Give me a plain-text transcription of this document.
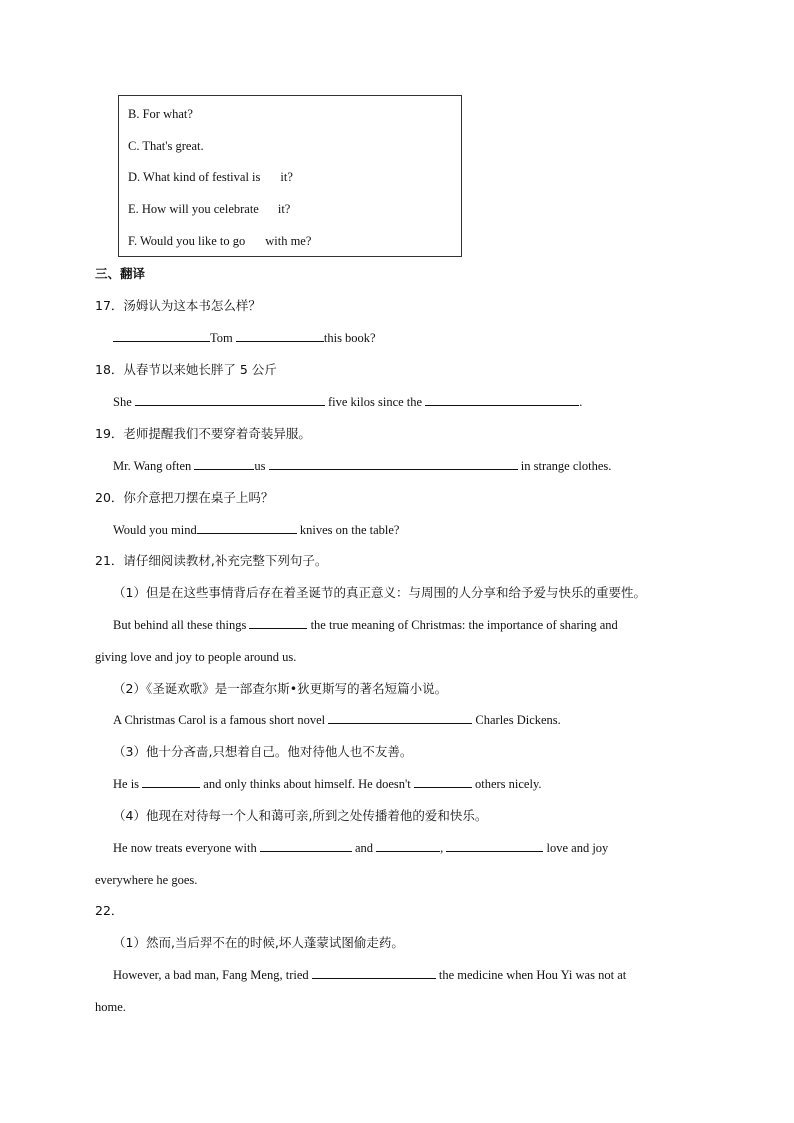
B. For what?
C. That's great.
D. What kind of festival is it?
E. How will you celebrate it?
F. Would you like to go with me?
三、翻译
17．汤姆认为这本书怎么样？
Tom	this book?
18．从春节以来她长胖了 5 公斤
She	five kilos since the	.
19．老师提醒我们不要穿着奇装异服。
Mr. Wang often	us	in strange clothes.
20．你介意把刀摆在桌子上吗？
Would you mind	knives on the table?
21．请仔细阅读教材,补充完整下列句子。
（1）但是在这些事情背后存在着圣诞节的真正意义：与周围的人分享和给予爱与快乐的重要性。
But behind all these things	the true meaning of Christmas: the importance of sharing and
giving love and joy to people around us.
（2）《圣诞欢歌》是一部查尔斯•狄更斯写的著名短篇小说。
A Christmas Carol is a famous short novel	Charles Dickens.
（3）他十分吝啬,只想着自己。他对待他人也不友善。
He is	and only thinks about himself. He doesn't	others nicely.
（4）他现在对待每一个人和蔼可亲,所到之处传播着他的爱和快乐。
He now treats everyone with	and	,	love and joy
everywhere he goes.
22．
（1）然而,当后羿不在的时候,坏人蓬蒙试图偷走药。
However, a bad man, Fang Meng, tried	the medicine when Hou Yi was not at
home.
